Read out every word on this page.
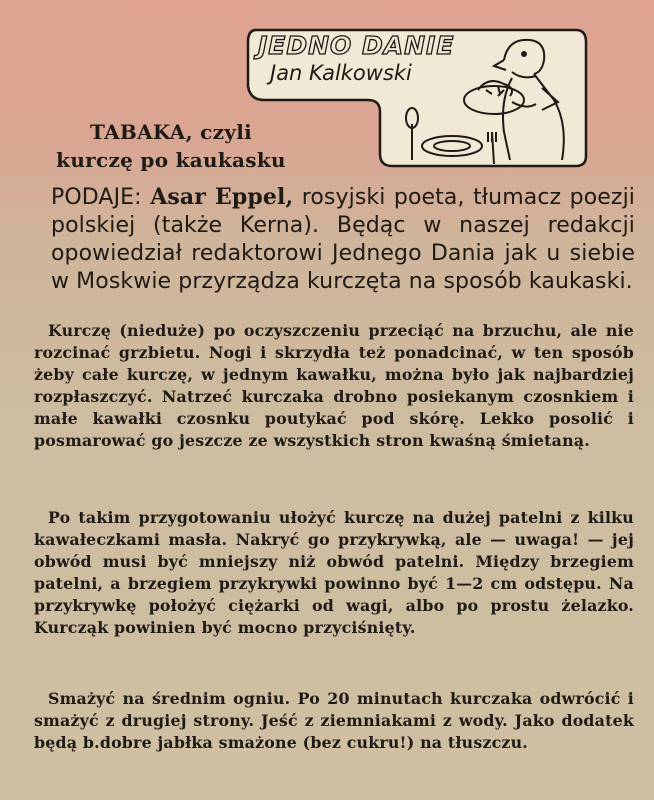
JEDNO DANIE
Jan Kalkowski
TABAKA, czyli
kurczę po kaukasku

PODAJE: Asar Eppel, rosyjski poeta, tłumacz poezji polskiej (także Kerna). Będąc w naszej redakcji opowiedział redaktorowi Jednego Dania jak u siebie w Moskwie przyrządza kurczęta na sposób kaukaski.

Kurczę (nieduże) po oczyszczeniu przeciąć na brzuchu, ale nie rozcinać grzbietu. Nogi i skrzydła też ponadcinać, w ten sposób żeby całe kurczę, w jednym kawałku, można było jak najbardziej rozpłaszczyć. Natrzeć kurczaka drobno posiekanym czosnkiem i małe kawałki czosnku poutykać pod skórę. Lekko posolić i posmarować go jeszcze ze wszystkich stron kwaśną śmietaną.

Po takim przygotowaniu ułożyć kurczę na dużej patelni z kilku kawałeczkami masła. Nakryć go przykrywką, ale — uwaga! — jej obwód musi być mniejszy niż obwód patelni. Między brzegiem patelni, a brzegiem przykrywki powinno być 1—2 cm odstępu. Na przykrywkę położyć ciężarki od wagi, albo po prostu żelazko. Kurcząk powinien być mocno przyciśnięty.

Smażyć na średnim ogniu. Po 20 minutach kurczaka odwrócić i smażyć z drugiej strony. Jeść z ziemniakami z wody. Jako dodatek będą b.dobre jabłka smażone (bez cukru!) na tłuszczu.
